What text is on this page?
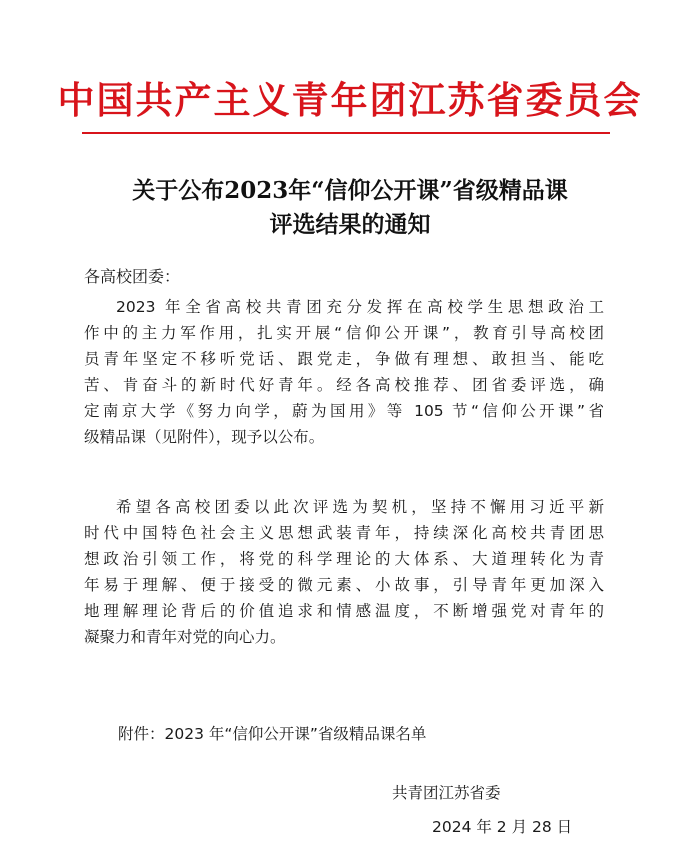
中国共产主义青年团江苏省委员会
关于公布2023年“信仰公开课”省级精品课
评选结果的通知
各高校团委：
2023 年全省高校共青团充分发挥在高校学生思想政治工
作中的主力军作用，扎实开展“信仰公开课”，教育引导高校团
员青年坚定不移听党话、跟党走，争做有理想、敢担当、能吃
苦、肯奋斗的新时代好青年。经各高校推荐、团省委评选，确
定南京大学《努力向学，蔚为国用》等 105 节“信仰公开课”省
级精品课（见附件），现予以公布。
希望各高校团委以此次评选为契机，坚持不懈用习近平新
时代中国特色社会主义思想武装青年，持续深化高校共青团思
想政治引领工作，将党的科学理论的大体系、大道理转化为青
年易于理解、便于接受的微元素、小故事，引导青年更加深入
地理解理论背后的价值追求和情感温度，不断增强党对青年的
凝聚力和青年对党的向心力。
附件：2023 年“信仰公开课”省级精品课名单
共青团江苏省委
2024 年 2 月 28 日
